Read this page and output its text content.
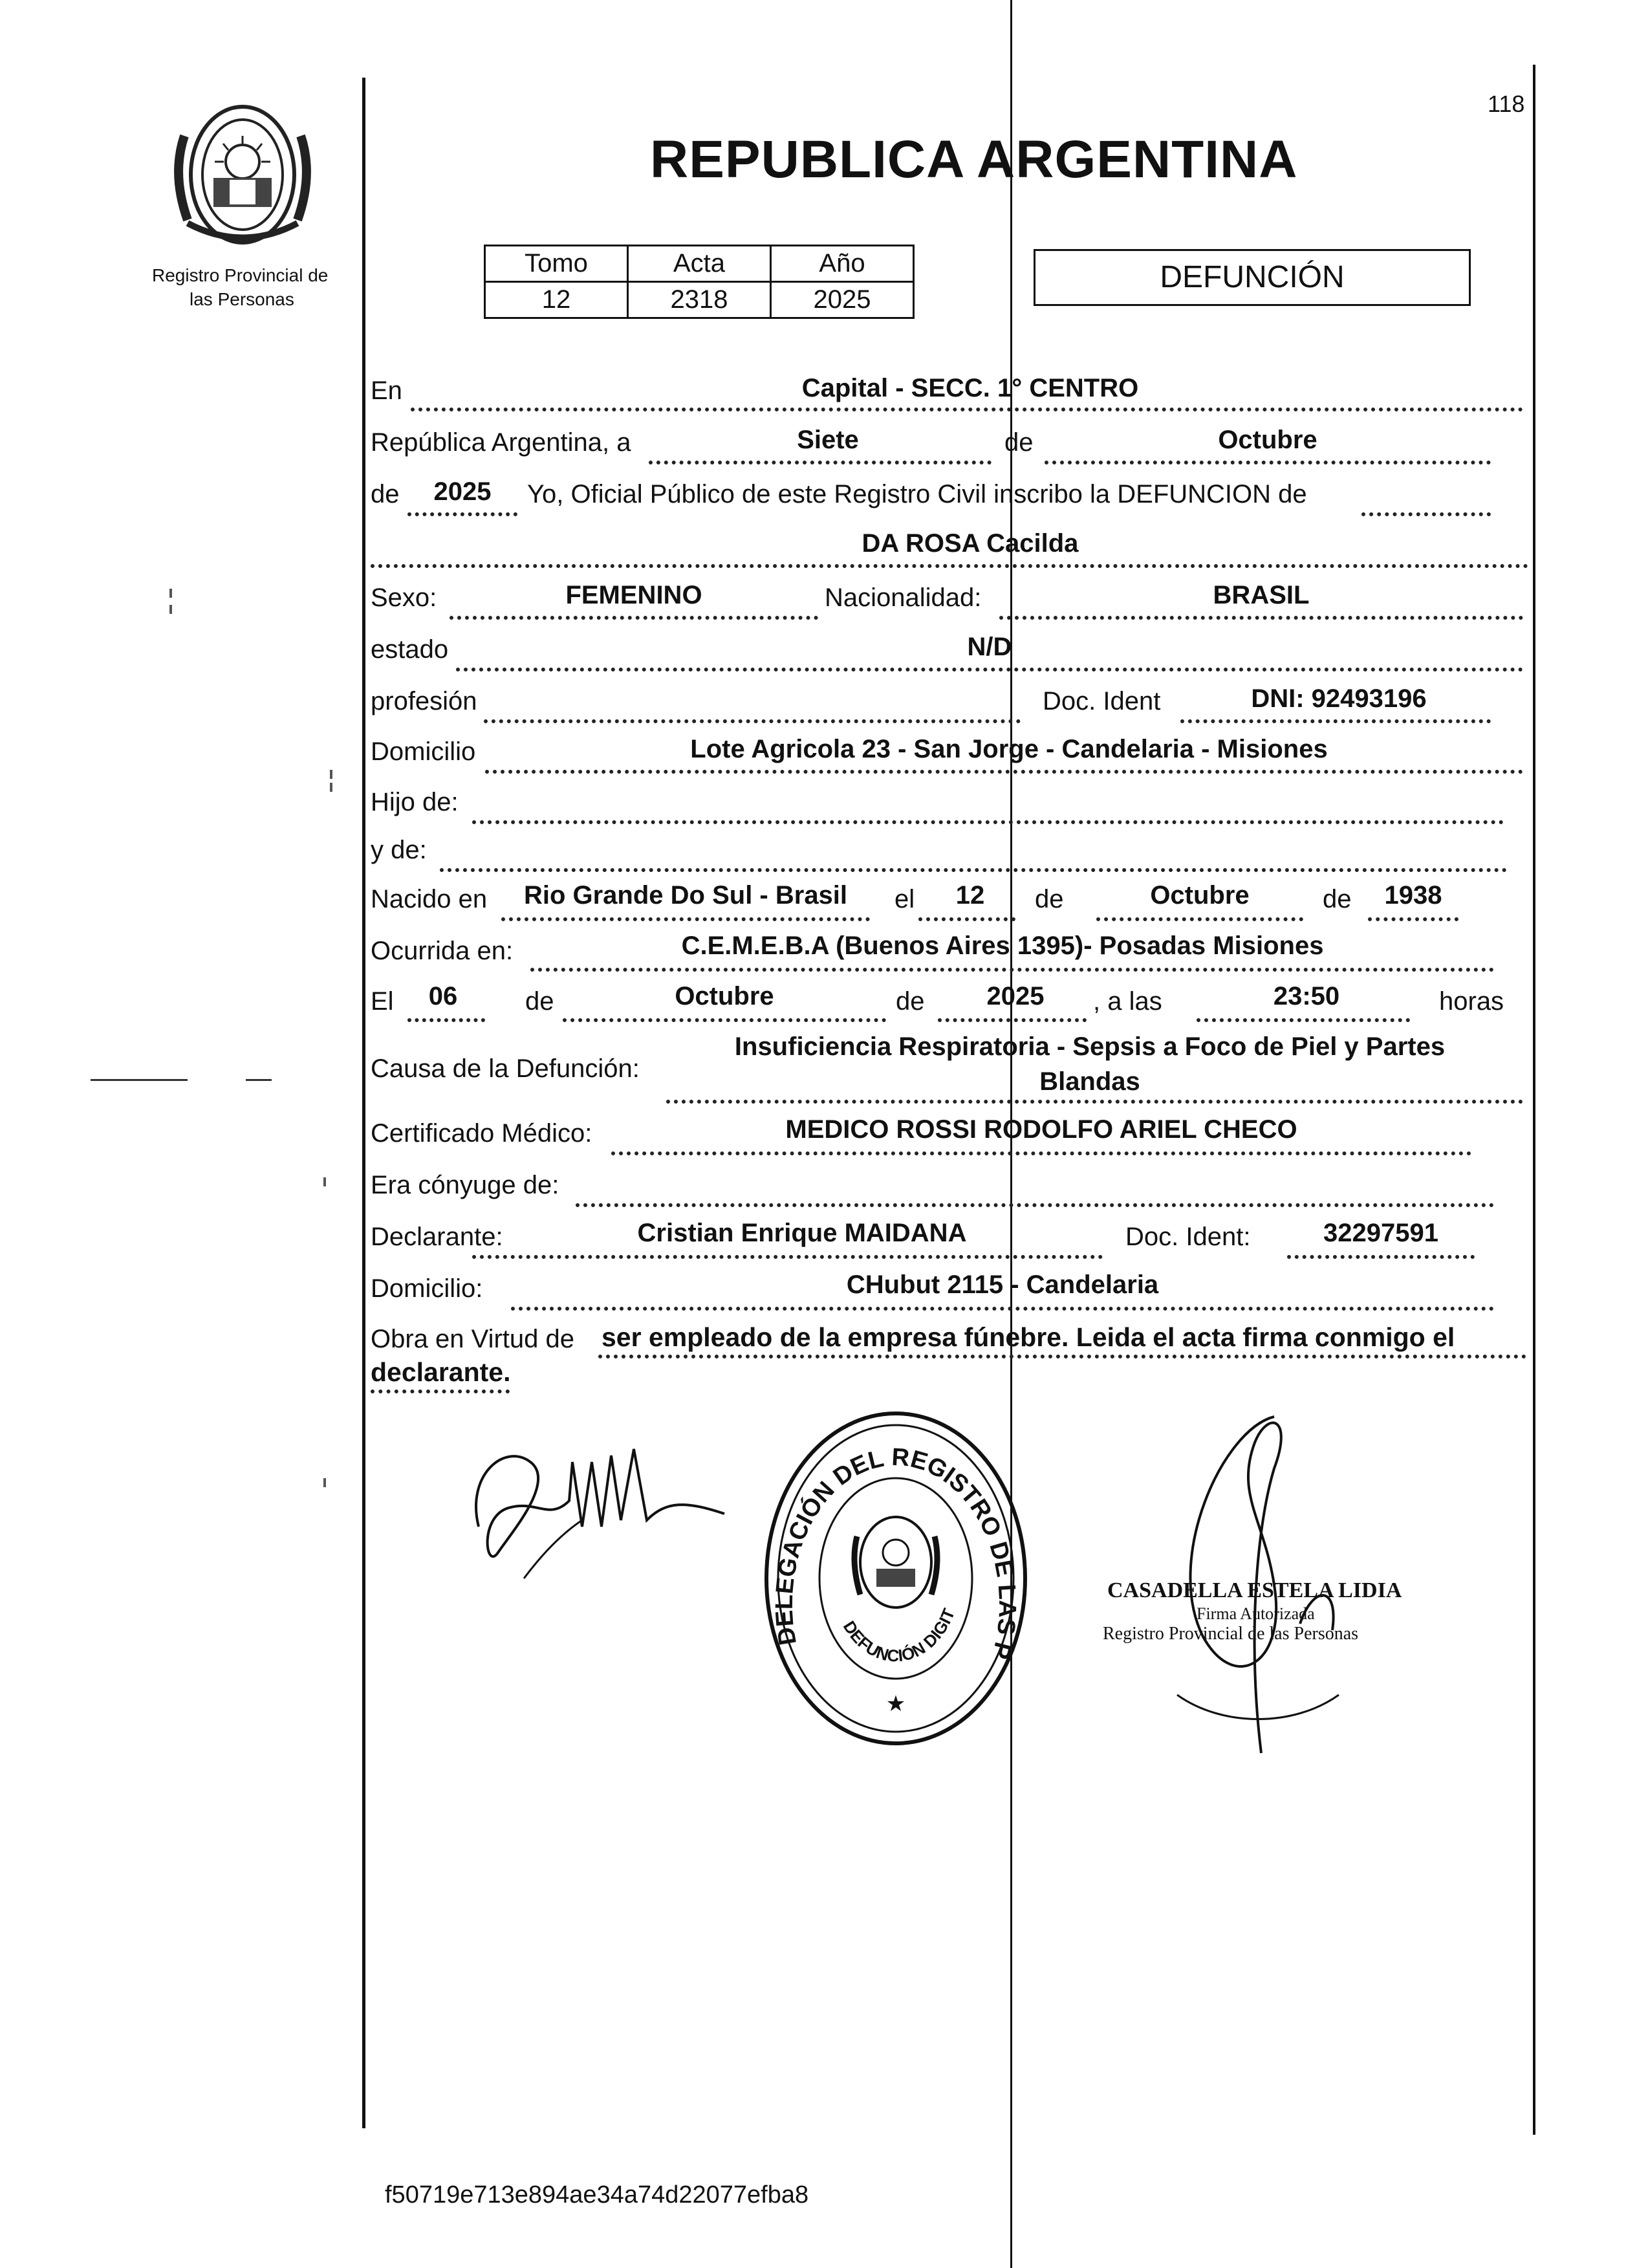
118
Registro Provincial de
las Personas
REPUBLICA ARGENTINA
Tomo	Acta	Año
12	2318	2025
DEFUNCIÓN
En	Capital - SECC. 1° CENTRO
República Argentina, a	Siete	de	Octubre
de	2025	Yo, Oficial Público de este Registro Civil inscribo la DEFUNCION de
DA ROSA Cacilda
Sexo:	FEMENINO	Nacionalidad:	BRASIL
estado	N/D
profesión	Doc. Ident	DNI: 92493196
Domicilio	Lote Agricola 23 - San Jorge - Candelaria - Misiones
Hijo de:
y de:
Nacido en	Rio Grande Do Sul - Brasil	el	12	de	Octubre	de	1938
Ocurrida en:	C.E.M.E.B.A (Buenos Aires 1395)- Posadas Misiones
El	06	de	Octubre	de	2025	, a las	23:50	horas
Causa de la Defunción:
Insuficiencia Respiratoria - Sepsis a Foco de Piel y Partes
Blandas
Certificado Médico:	MEDICO ROSSI RODOLFO ARIEL CHECO
Era cónyuge de:
Declarante:	Cristian Enrique MAIDANA	Doc. Ident:	32297591
Domicilio:	CHubut 2115 - Candelaria
Obra en Virtud de ser empleado de la empresa fúnebre. Leida el acta firma conmigo el
declarante.
DELEGACIÓN DEL REGISTRO DE LAS P
DEFUNCIÓN DIGIT
★
CASADELLA ESTELA LIDIA
Firma Autorizada
Registro Provincial de las Personas
f50719e713e894ae34a74d22077efba8
